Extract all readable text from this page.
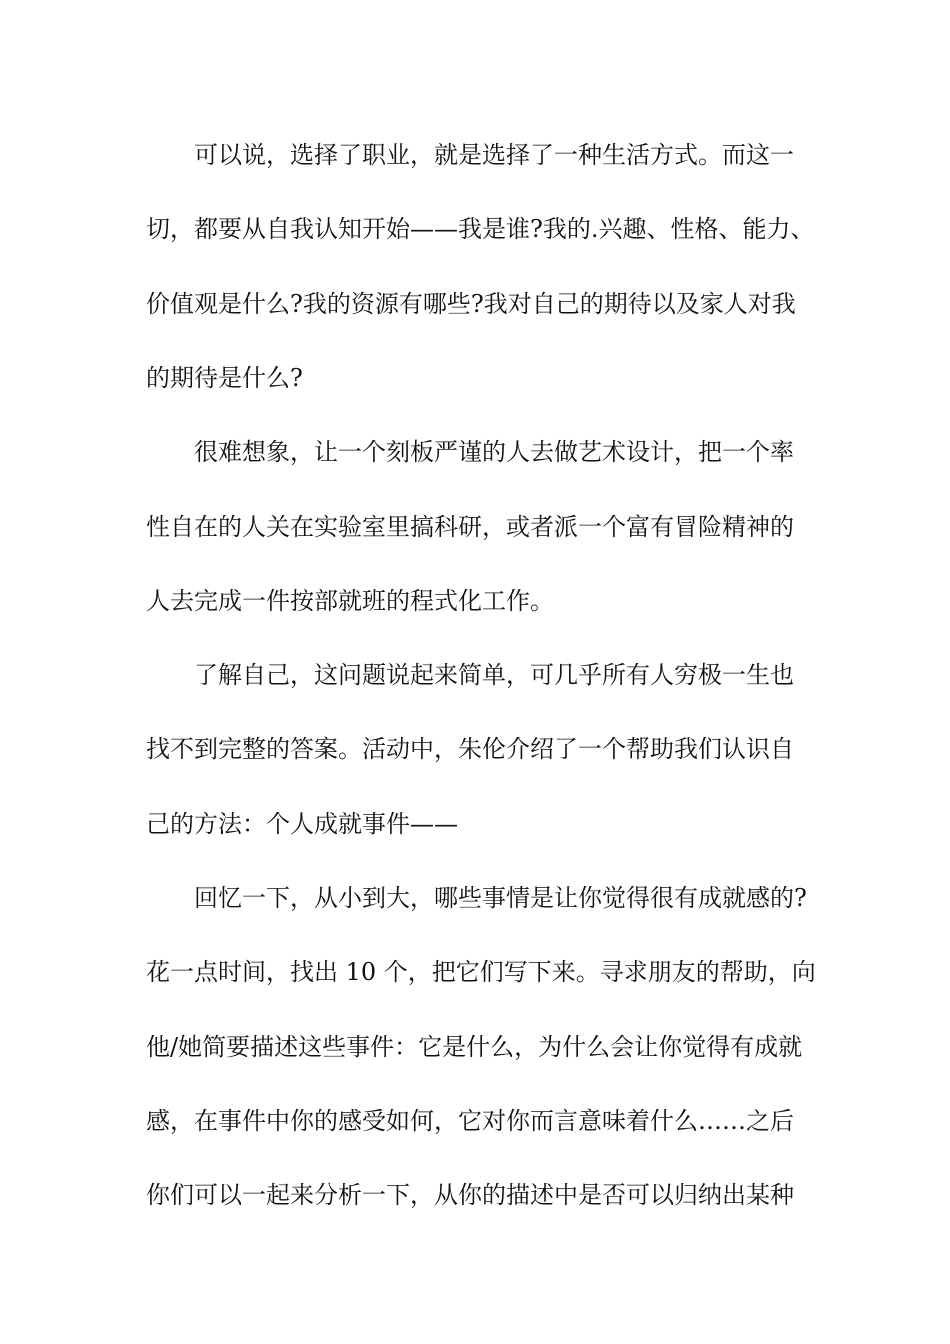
可以说，选择了职业，就是选择了一种生活方式。而这一
切，都要从自我认知开始——我是谁?我的.兴趣、性格、能力、
价值观是什么?我的资源有哪些?我对自己的期待以及家人对我
的期待是什么?
很难想象，让一个刻板严谨的人去做艺术设计，把一个率
性自在的人关在实验室里搞科研，或者派一个富有冒险精神的
人去完成一件按部就班的程式化工作。
了解自己，这问题说起来简单，可几乎所有人穷极一生也
找不到完整的答案。活动中，朱伦介绍了一个帮助我们认识自
己的方法：个人成就事件——
回忆一下，从小到大，哪些事情是让你觉得很有成就感的?
花一点时间，找出 10 个，把它们写下来。寻求朋友的帮助，向
他/她简要描述这些事件：它是什么，为什么会让你觉得有成就
感，在事件中你的感受如何，它对你而言意味着什么……之后
你们可以一起来分析一下，从你的描述中是否可以归纳出某种
